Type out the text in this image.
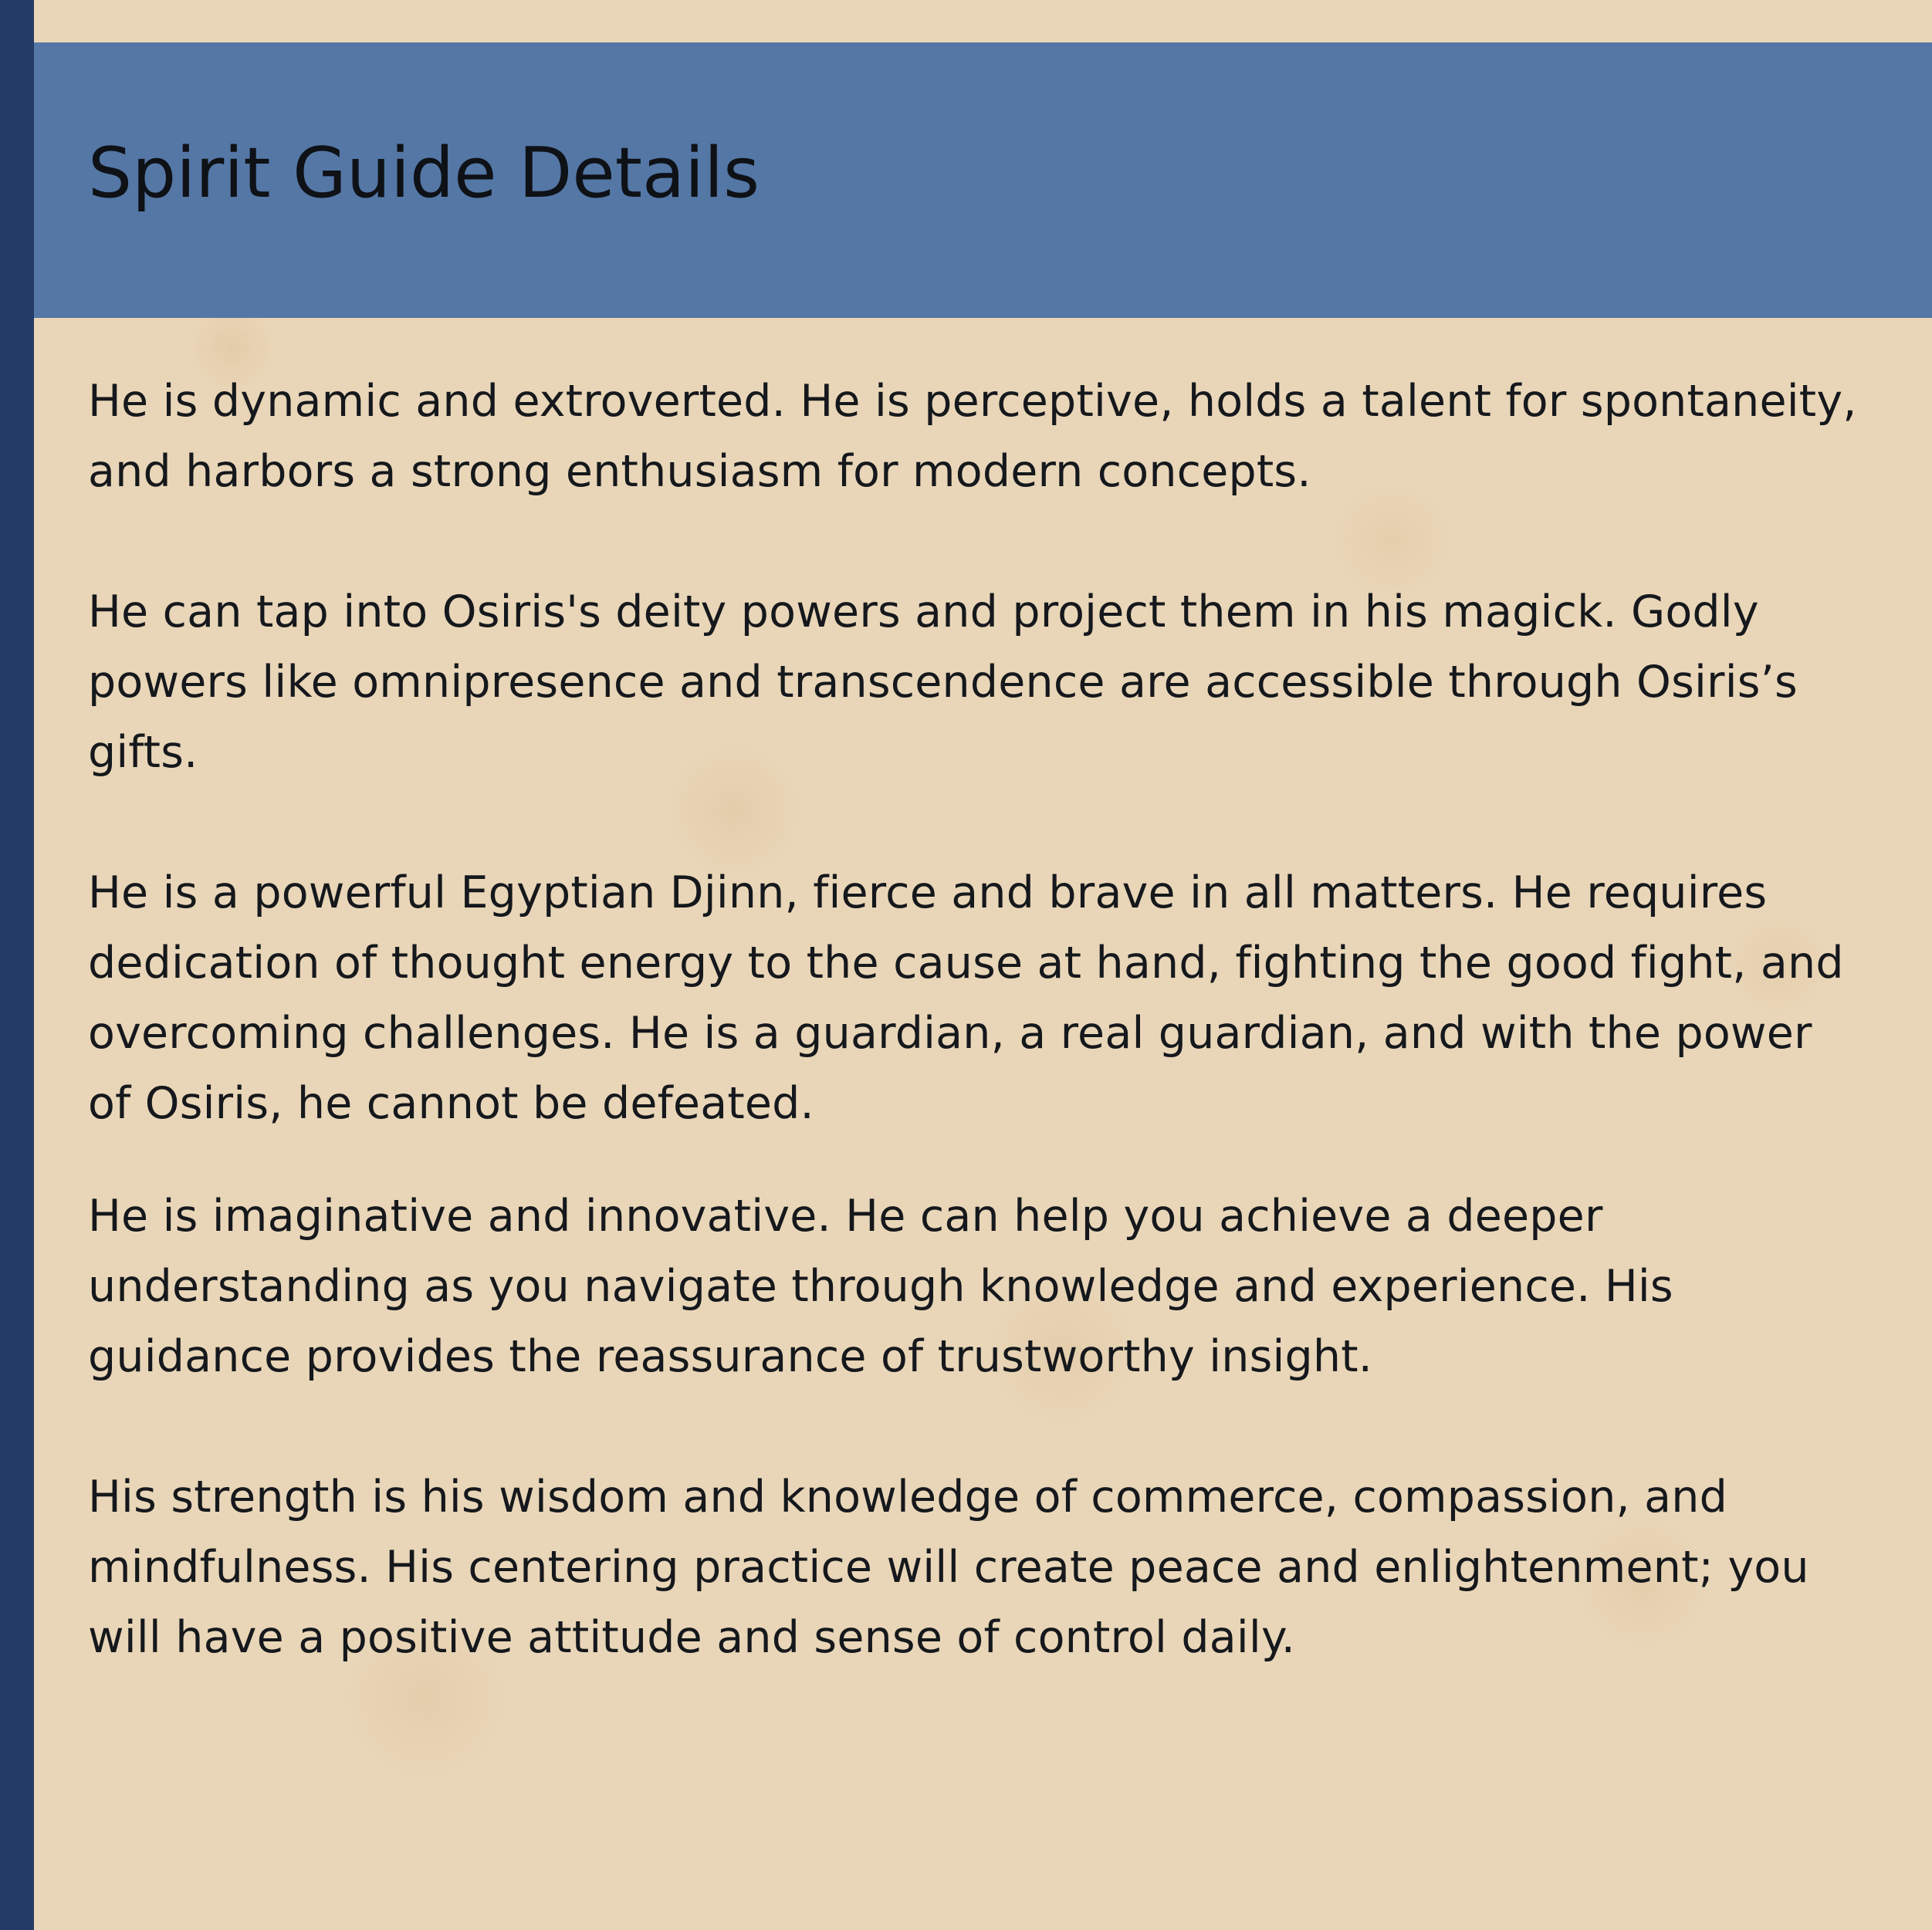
Spirit Guide Details

He is dynamic and extroverted. He is perceptive, holds a talent for spontaneity, and harbors a strong enthusiasm for modern concepts.

He can tap into Osiris's deity powers and project them in his magick. Godly powers like omnipresence and transcendence are accessible through Osiris’s gifts.

He is a powerful Egyptian Djinn, fierce and brave in all matters. He requires dedication of thought energy to the cause at hand, fighting the good fight, and overcoming challenges. He is a guardian, a real guardian, and with the power of Osiris, he cannot be defeated.

He is imaginative and innovative. He can help you achieve a deeper understanding as you navigate through knowledge and experience. His guidance provides the reassurance of trustworthy insight.

His strength is his wisdom and knowledge of commerce, compassion, and mindfulness. His centering practice will create peace and enlightenment; you will have a positive attitude and sense of control daily.
